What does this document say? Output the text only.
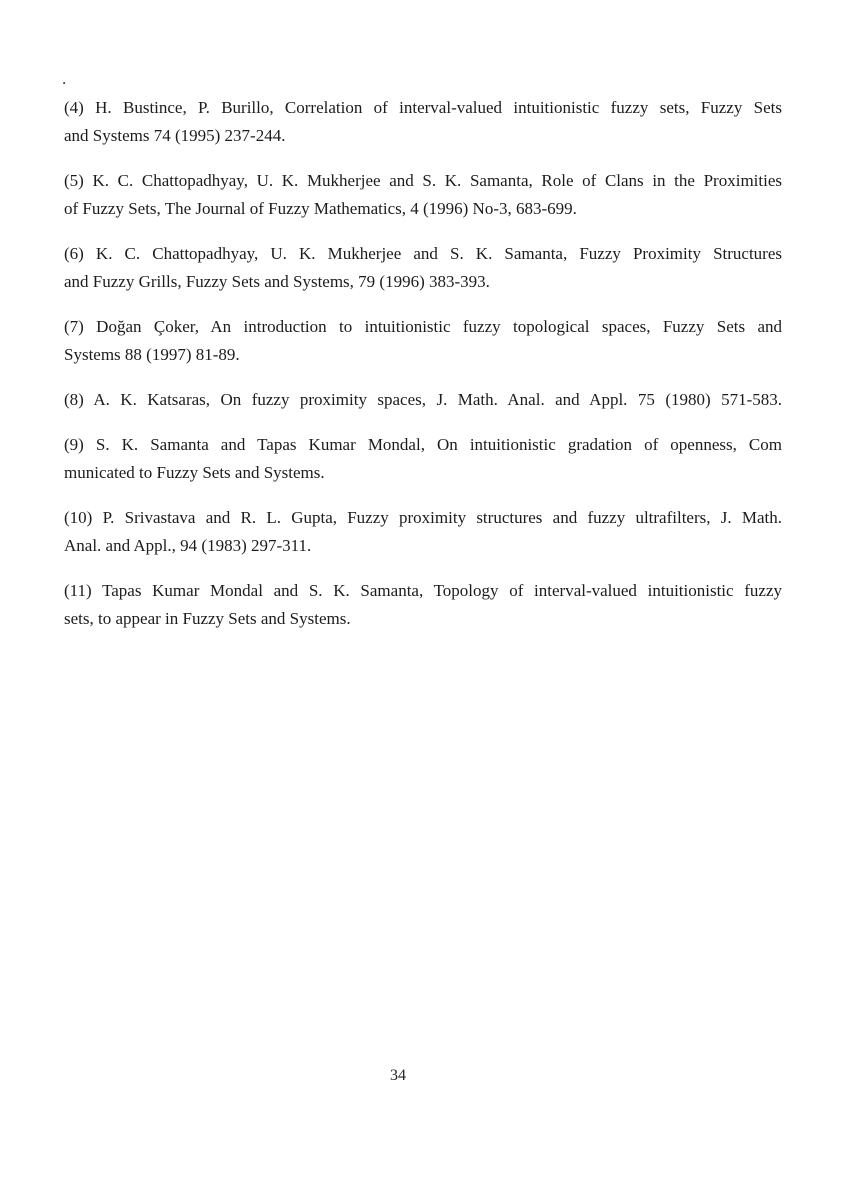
.
(4) H. Bustince, P. Burillo, Correlation of interval-valued intuitionistic fuzzy sets, Fuzzy Sets
and Systems 74 (1995) 237-244.
(5) K. C. Chattopadhyay, U. K. Mukherjee and S. K. Samanta, Role of Clans in the Proximities
of Fuzzy Sets, The Journal of Fuzzy Mathematics, 4 (1996) No-3, 683-699.
(6) K. C. Chattopadhyay, U. K. Mukherjee and S. K. Samanta, Fuzzy Proximity Structures
and Fuzzy Grills, Fuzzy Sets and Systems, 79 (1996) 383-393.
(7) Doğan Çoker, An introduction to intuitionistic fuzzy topological spaces, Fuzzy Sets and
Systems 88 (1997) 81-89.
(8) A. K. Katsaras, On fuzzy proximity spaces, J. Math. Anal. and Appl. 75 (1980) 571-583.
(9) S. K. Samanta and Tapas Kumar Mondal, On intuitionistic gradation of openness, Com
municated to Fuzzy Sets and Systems.
(10) P. Srivastava and R. L. Gupta, Fuzzy proximity structures and fuzzy ultrafilters, J. Math.
Anal. and Appl., 94 (1983) 297-311.
(11) Tapas Kumar Mondal and S. K. Samanta, Topology of interval-valued intuitionistic fuzzy
sets, to appear in Fuzzy Sets and Systems.
34
